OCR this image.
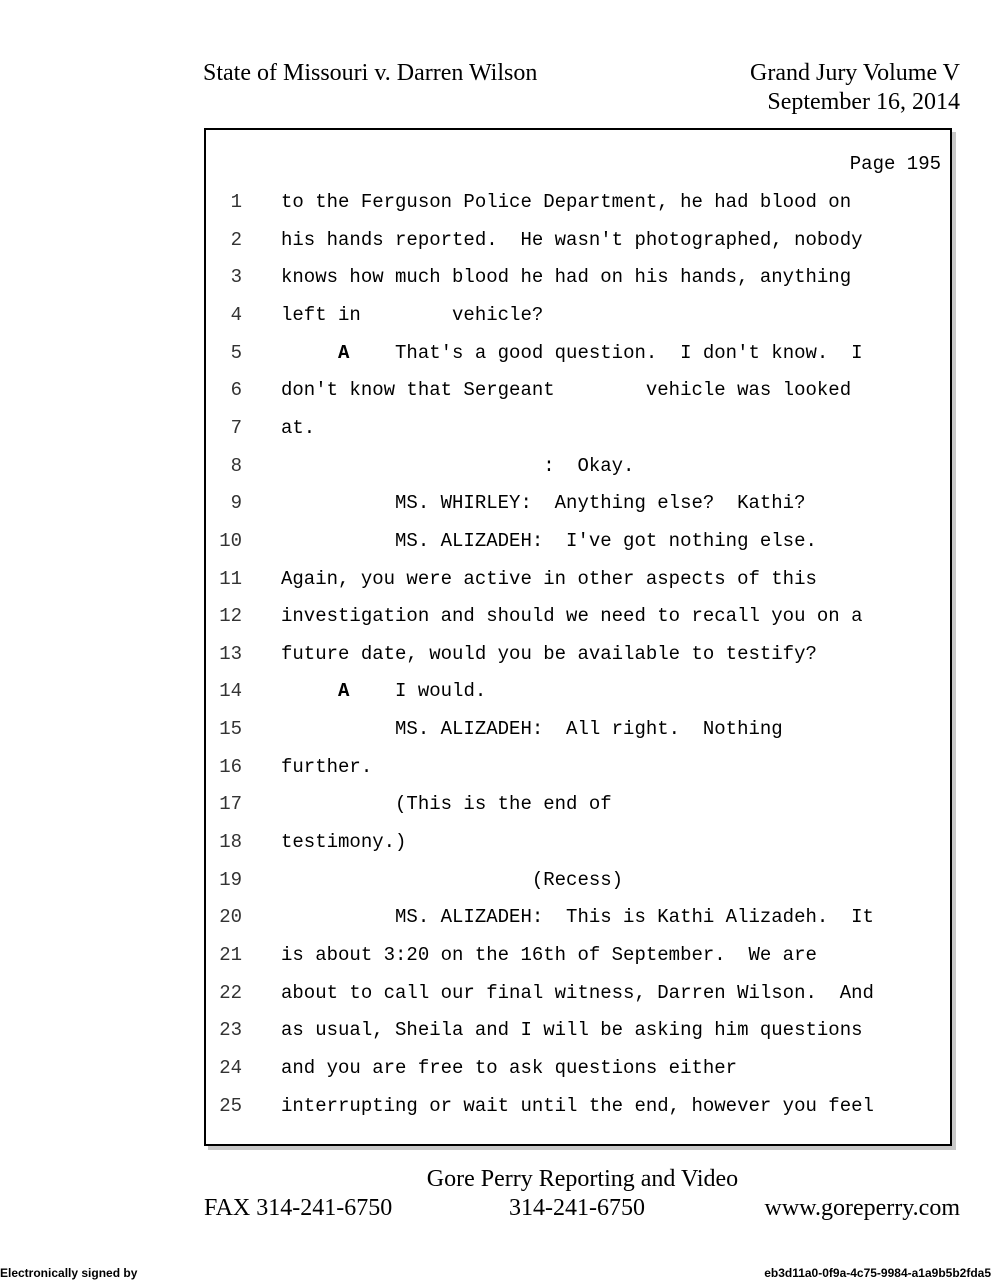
State of Missouri v. Darren Wilson	Grand Jury Volume V
September 16, 2014
Page 195
1 to the Ferguson Police Department, he had blood on
2 his hands reported.  He wasn't photographed, nobody
3 knows how much blood he had on his hands, anything
4 left in        vehicle?
5 A    That's a good question.  I don't know.  I
6 don't know that Sergeant        vehicle was looked
7 at.
8 :  Okay.
9 MS. WHIRLEY:  Anything else?  Kathi?
10 MS. ALIZADEH:  I've got nothing else.
11 Again, you were active in other aspects of this
12 investigation and should we need to recall you on a
13 future date, would you be available to testify?
14 A    I would.
15 MS. ALIZADEH:  All right.  Nothing
16 further.
17 (This is the end of
18 testimony.)
19 (Recess)
20 MS. ALIZADEH:  This is Kathi Alizadeh.  It
21 is about 3:20 on the 16th of September.  We are
22 about to call our final witness, Darren Wilson.  And
23 as usual, Sheila and I will be asking him questions
24 and you are free to ask questions either
25 interrupting or wait until the end, however you feel
Gore Perry Reporting and Video
FAX 314-241-6750	314-241-6750	www.goreperry.com
Electronically signed by	eb3d11a0-0f9a-4c75-9984-a1a9b5b2fda5
